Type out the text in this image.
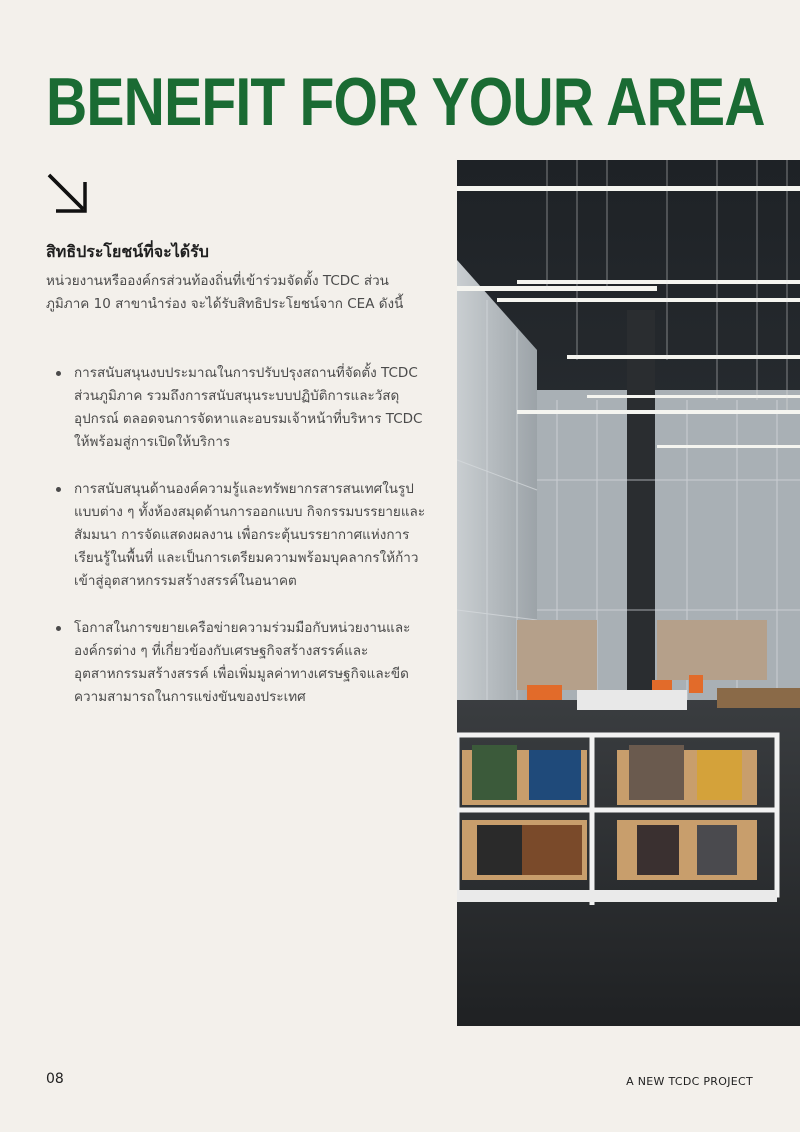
BENEFIT FOR YOUR AREA
สิทธิประโยชน์ที่จะได้รับ
หน่วยงานหรือองค์กรส่วนท้องถิ่นที่เข้าร่วมจัดตั้ง TCDC ส่วนภูมิภาค 10 สาขานำร่อง จะได้รับสิทธิประโยชน์จาก CEA ดังนี้
การสนับสนุนงบประมาณในการปรับปรุงสถานที่จัดตั้ง TCDC ส่วนภูมิภาค รวมถึงการสนับสนุนระบบปฏิบัติการและวัสดุอุปกรณ์ ตลอดจนการจัดหาและอบรมเจ้าหน้าที่บริหาร TCDC ให้พร้อมสู่การเปิดให้บริการ
การสนับสนุนด้านองค์ความรู้และทรัพยากรสารสนเทศในรูปแบบต่าง ๆ ทั้งห้องสมุดด้านการออกแบบ กิจกรรมบรรยายและสัมมนา การจัดแสดงผลงาน เพื่อกระตุ้นบรรยากาศแห่งการเรียนรู้ในพื้นที่ และเป็นการเตรียมความพร้อมบุคลากรให้ก้าวเข้าสู่อุตสาหกรรมสร้างสรรค์ในอนาคต
โอกาสในการขยายเครือข่ายความร่วมมือกับหน่วยงานและองค์กรต่าง ๆ ที่เกี่ยวข้องกับเศรษฐกิจสร้างสรรค์และอุตสาหกรรมสร้างสรรค์ เพื่อเพิ่มมูลค่าทางเศรษฐกิจและขีดความสามารถในการแข่งขันของประเทศ
08	A NEW TCDC PROJECT
